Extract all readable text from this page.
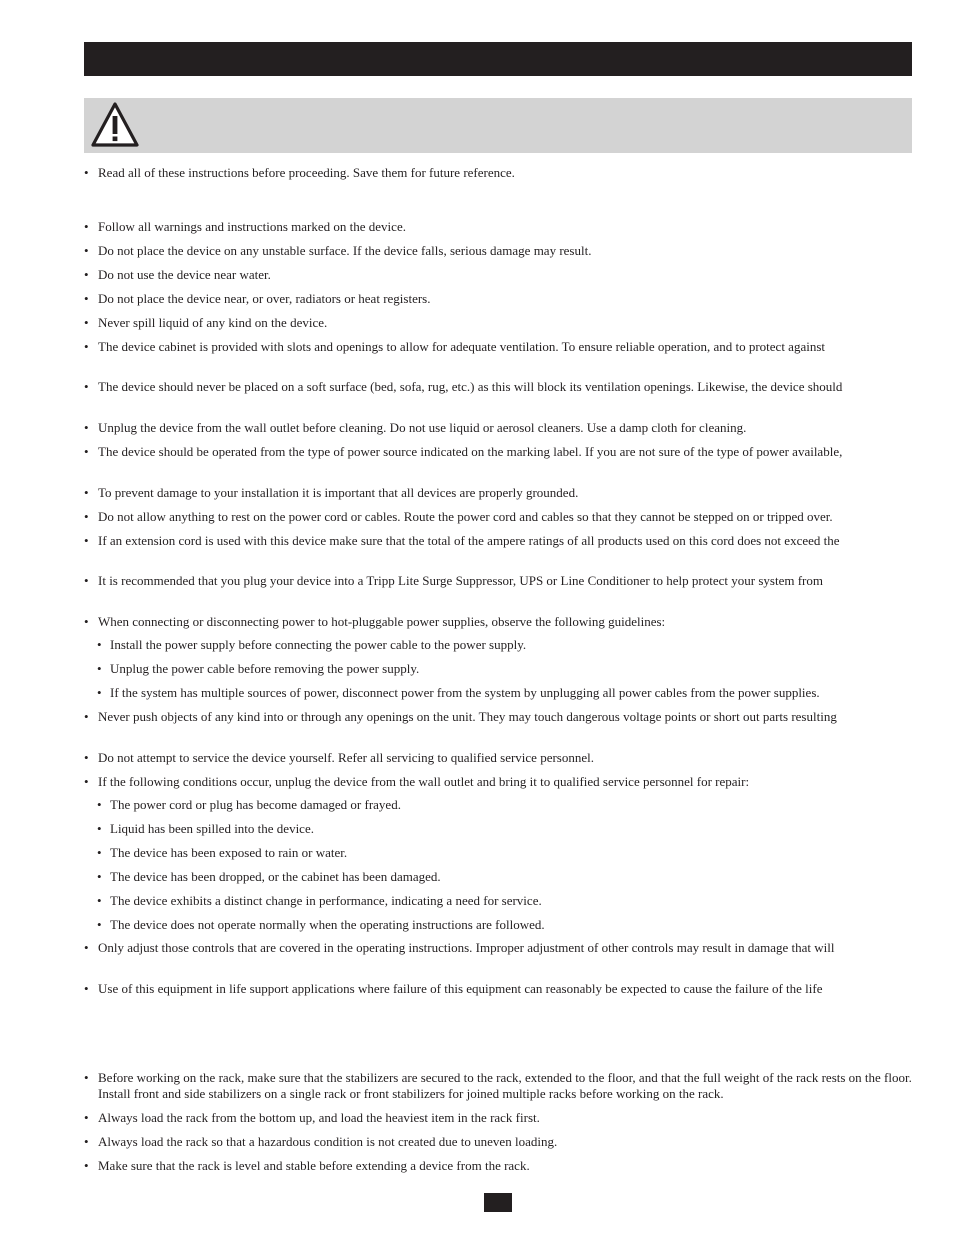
• Read all of these instructions before proceeding. Save them for future reference.
• Follow all warnings and instructions marked on the device.
• Do not place the device on any unstable surface. If the device falls, serious damage may result.
• Do not use the device near water.
• Do not place the device near, or over, radiators or heat registers.
• Never spill liquid of any kind on the device.
• The device cabinet is provided with slots and openings to allow for adequate ventilation. To ensure reliable operation, and to protect against
• The device should never be placed on a soft surface (bed, sofa, rug, etc.) as this will block its ventilation openings. Likewise, the device should
• Unplug the device from the wall outlet before cleaning. Do not use liquid or aerosol cleaners. Use a damp cloth for cleaning.
• The device should be operated from the type of power source indicated on the marking label. If you are not sure of the type of power available,
• To prevent damage to your installation it is important that all devices are properly grounded.
• Do not allow anything to rest on the power cord or cables. Route the power cord and cables so that they cannot be stepped on or tripped over.
• If an extension cord is used with this device make sure that the total of the ampere ratings of all products used on this cord does not exceed the
• It is recommended that you plug your device into a Tripp Lite Surge Suppressor, UPS or Line Conditioner to help protect your system from
• When connecting or disconnecting power to hot-pluggable power supplies, observe the following guidelines:
• Install the power supply before connecting the power cable to the power supply.
• Unplug the power cable before removing the power supply.
• If the system has multiple sources of power, disconnect power from the system by unplugging all power cables from the power supplies.
• Never push objects of any kind into or through any openings on the unit. They may touch dangerous voltage points or short out parts resulting
• Do not attempt to service the device yourself. Refer all servicing to qualified service personnel.
• If the following conditions occur, unplug the device from the wall outlet and bring it to qualified service personnel for repair:
• The power cord or plug has become damaged or frayed.
• Liquid has been spilled into the device.
• The device has been exposed to rain or water.
• The device has been dropped, or the cabinet has been damaged.
• The device exhibits a distinct change in performance, indicating a need for service.
• The device does not operate normally when the operating instructions are followed.
• Only adjust those controls that are covered in the operating instructions. Improper adjustment of other controls may result in damage that will
• Use of this equipment in life support applications where failure of this equipment can reasonably be expected to cause the failure of the life
• Before working on the rack, make sure that the stabilizers are secured to the rack, extended to the floor, and that the full weight of the rack rests on the floor. Install front and side stabilizers on a single rack or front stabilizers for joined multiple racks before working on the rack.
• Always load the rack from the bottom up, and load the heaviest item in the rack first.
• Always load the rack so that a hazardous condition is not created due to uneven loading.
• Make sure that the rack is level and stable before extending a device from the rack.
